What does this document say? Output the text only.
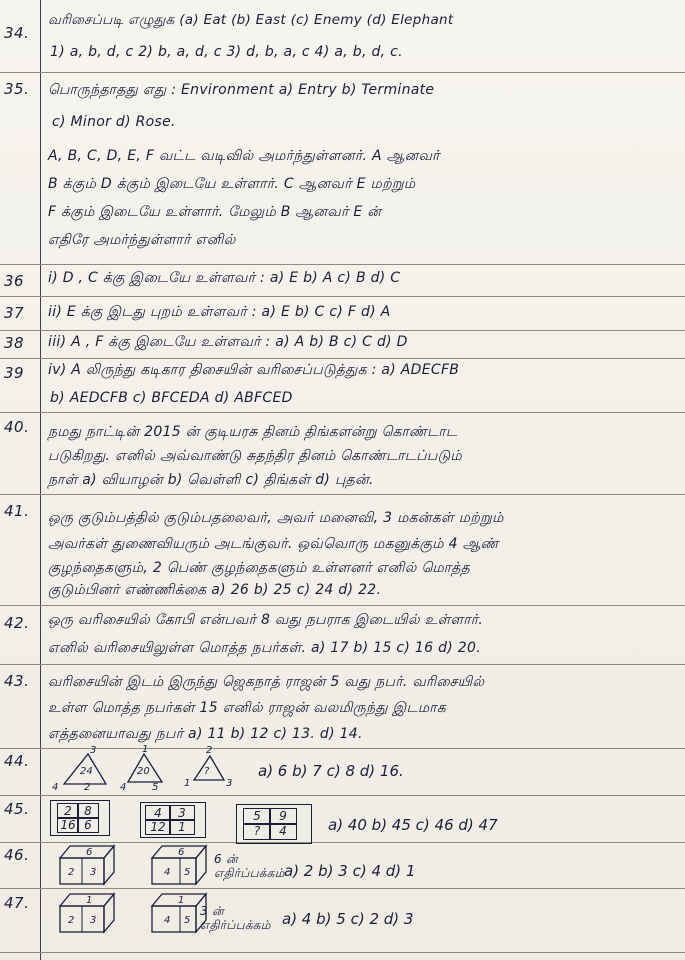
34.
வரிசைப்படி எழுதுக (a) Eat (b) East (c) Enemy (d) Elephant
1) a, b, d, c 2) b, a, d, c 3) d, b, a, c 4) a, b, d, c.
35. பொருந்தாதது எது : Environment a) Entry b) Terminate
c) Minor d) Rose.
A, B, C, D, E, F வட்ட வடிவில் அமர்ந்துள்ளனர். A ஆனவர்
B க்கும் D க்கும் இடையே உள்ளார். C ஆனவர் E மற்றும்
F க்கும் இடையே உள்ளார். மேலும் B ஆனவர் E ன்
எதிரே அமர்ந்துள்ளார் எனில்
36 i) D , C க்கு இடையே உள்ளவர் : a) E b) A c) B d) C
37 ii) E க்கு இடது புறம் உள்ளவர் : a) E b) C c) F d) A
38 iii) A , F க்கு இடையே உள்ளவர் : a) A b) B c) C d) D
39 iv) A லிருந்து கடிகார திசையின் வரிசைப்படுத்துக : a) ADECFB
b) AEDCFB c) BFCEDA d) ABFCED
40. நமது நாட்டின் 2015 ன் குடியரசு தினம் திங்களன்று கொண்டாட
படுகிறது. எனில் அவ்வாண்டு சுதந்திர தினம் கொண்டாடப்படும்
நாள் a) வியாழன் b) வெள்ளி c) திங்கள் d) புதன்.
41. ஒரு குடும்பத்தில் குடும்பதலைவர், அவர் மனைவி, 3 மகன்கள் மற்றும்
அவர்கள் துணைவியரும் அடங்குவர். ஒவ்வொரு மகனுக்கும் 4 ஆண்
குழந்தைகளும், 2 பெண் குழந்தைகளும் உள்ளனர் எனில் மொத்த
குடும்பினர் எண்ணிக்கை a) 26 b) 25 c) 24 d) 22.
42. ஒரு வரிசையில் கோபி என்பவர் 8 வது நபராக இடையில் உள்ளார்.
எனில் வரிசையிலுள்ள மொத்த நபர்கள். a) 17 b) 15 c) 16 d) 20.
43. வரிசையின் இடம் இருந்து ஜெகநாத் ராஜன் 5 வது நபர். வரிசையில்
உள்ள மொத்த நபர்கள் 15 எனில் ராஜன் வலமிருந்து இடமாக
எத்தனையாவது நபர் a) 11 b) 12 c) 13. d) 14.
44.
3
24
4	2
1
20
4	5
2
?
1	3
a) 6 b) 7 c) 8 d) 16.
45.	2	8
16 6
4	3
12	1
5	9
?	4	a) 40 b) 45 c) 46 d) 47
46.	6
2 3
6
4 5
6 ன் எதிர்ப்பக்கம் a) 2 b) 3 c) 4 d) 1
47.	1
2 3
1
4 5
3 ன் எதிர்ப்பக்கம் a) 4 b) 5 c) 2 d) 3
